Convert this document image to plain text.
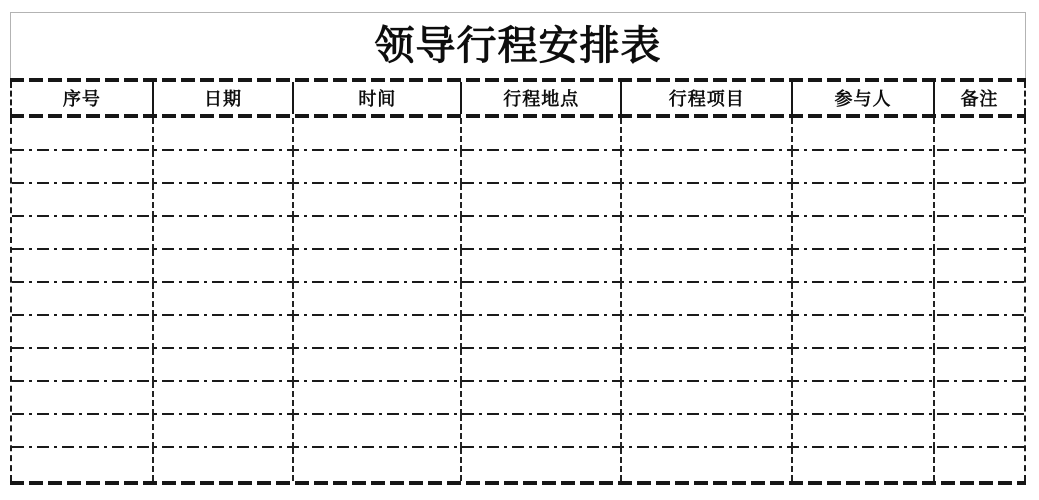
领导行程安排表
序号	日期	时间	行程地点	行程项目	参与人	备注
